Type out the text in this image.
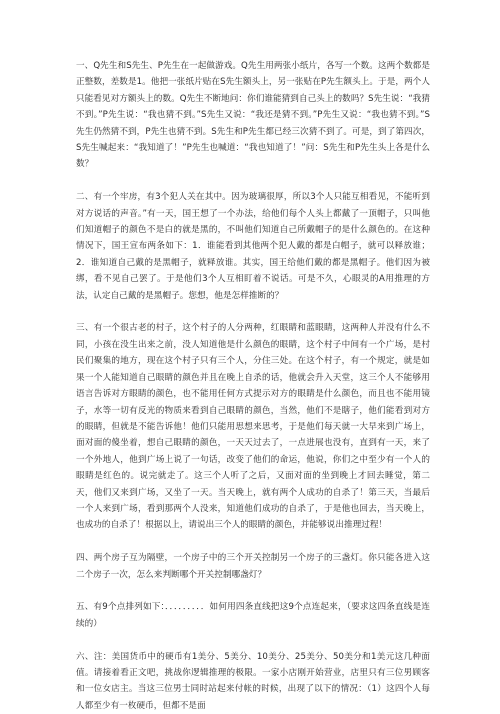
一、Q先生和S先生、P先生在一起做游戏。Q先生用两张小纸片，各写一个数。这两个数都是正整数，差数是1。他把一张纸片贴在S先生额头上，另一张贴在P先生额头上。于是，两个人只能看见对方额头上的数。Q先生不断地问：你们谁能猜到自己头上的数吗？S先生说：“我猜不到。”P先生说：“我也猜不到。”S先生又说：“我还是猜不到。”P先生又说：“我也猜不到。”S先生仍然猜不到，P先生也猜不到。S先生和P先生都已经三次猜不到了。可是，到了第四次，S先生喊起来：“我知道了！”P先生也喊道：“我也知道了！”问：S先生和P先生头上各是什么数？

二、有一个牢房，有3个犯人关在其中。因为玻璃很厚，所以3个人只能互相看见，不能听到对方说话的声音。”有一天，国王想了一个办法，给他们每个人头上都戴了一顶帽子，只叫他们知道帽子的颜色不是白的就是黑的，不叫他们知道自己所戴帽子的是什么颜色的。在这种情况下，国王宣布两条如下：1．谁能看到其他两个犯人戴的都是白帽子，就可以释放谁；2．谁知道自己戴的是黑帽子，就释放谁。其实，国王给他们戴的都是黑帽子。他们因为被绑，看不见自己罢了。于是他们3个人互相盯着不说话。可是不久，心眼灵的A用推理的方法，认定自己戴的是黑帽子。您想，他是怎样推断的？

三、有一个很古老的村子，这个村子的人分两种，红眼睛和蓝眼睛，这两种人并没有什么不同，小孩在没生出来之前，没人知道他是什么颜色的眼睛，这个村子中间有一个广场，是村民们聚集的地方，现在这个村子只有三个人，分住三处。在这个村子，有一个规定，就是如果一个人能知道自己眼睛的颜色并且在晚上自杀的话，他就会升入天堂，这三个人不能够用语言告诉对方眼睛的颜色，也不能用任何方式提示对方的眼睛是什么颜色，而且也不能用镜子，水等一切有反光的物质来看到自己眼睛的颜色，当然，他们不是瞎子，他们能看到对方的眼睛，但就是不能告诉他！他们只能用思想来思考，于是他们每天就一大早来到广场上，面对面的傻坐着，想自己眼睛的颜色，一天天过去了，一点进展也没有，直到有一天，来了一个外地人，他到广场上说了一句话，改变了他们的命运，他说，你们之中至少有一个人的眼睛是红色的。说完就走了。这三个人听了之后，又面对面的坐到晚上才回去睡觉，第二天，他们又来到广场，又坐了一天。当天晚上，就有两个人成功的自杀了！第三天，当最后一个人来到广场，看到那两个人没来，知道他们成功的自杀了，于是他也回去，当天晚上，也成功的自杀了！根据以上，请说出三个人的眼睛的颜色，并能够说出推理过程！

四、两个房子互为隔壁，一个房子中的三个开关控制另一个房子的三盏灯。你只能各进入这二个房子一次，怎么来判断哪个开关控制哪盏灯？

五、有9个点排列如下：．．．．．．．．．如何用四条直线把这9个点连起来，（要求这四条直线是连续的）

六、注：美国货币中的硬币有1美分、5美分、10美分、25美分、50美分和1美元这几种面值。请接着看正文吧，挑战你逻辑推理的极限。一家小店刚开始营业，店里只有三位男顾客和一位女店主。当这三位男士同时站起来付帐的时候，出现了以下的情况：（1）这四个人每人都至少有一枚硬币，但都不是面
